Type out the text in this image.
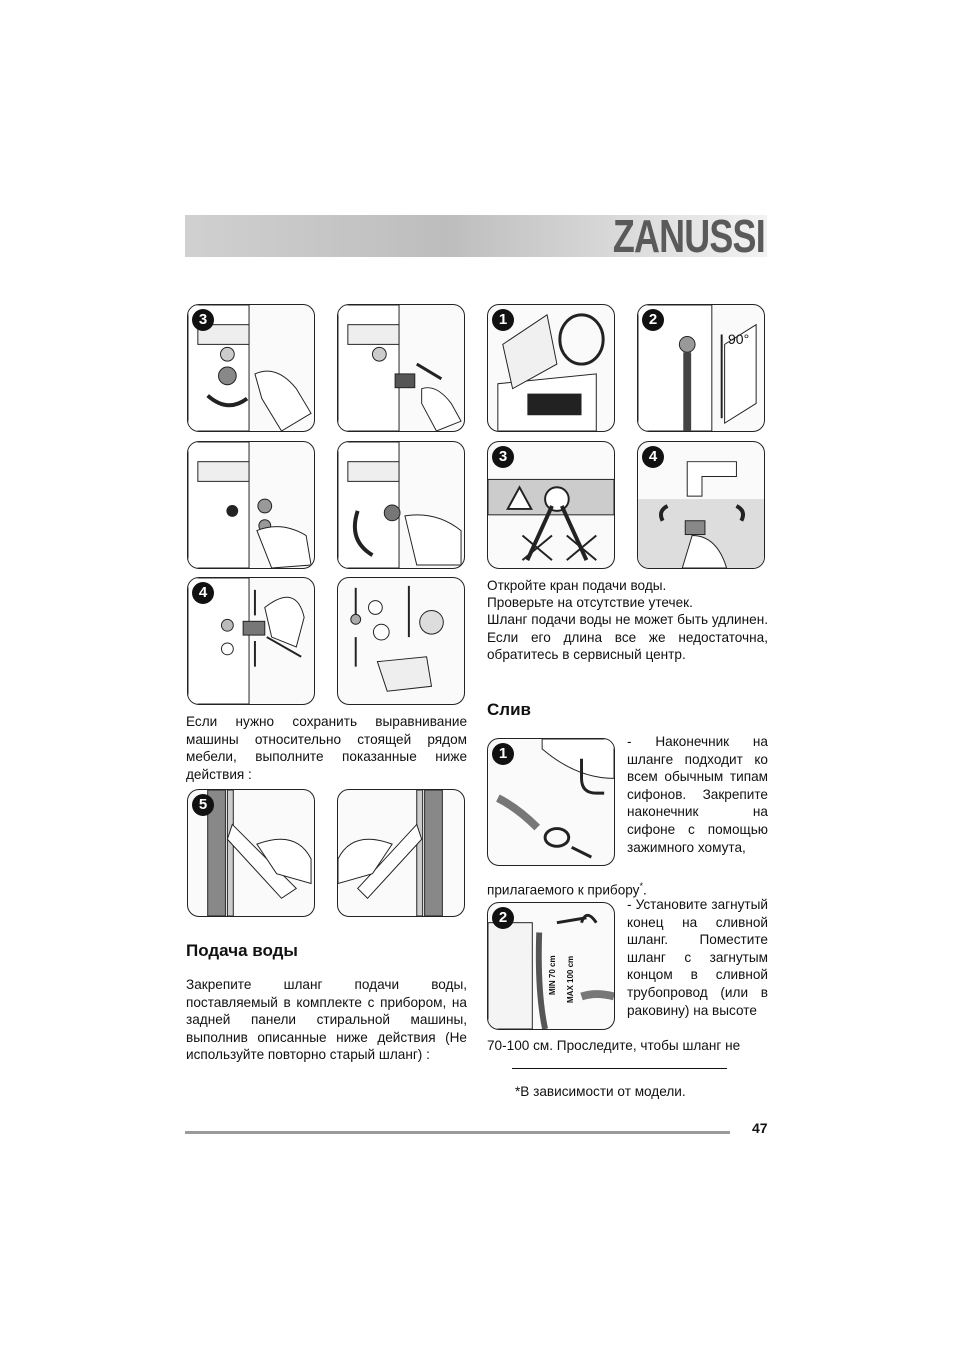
ZANUSSI
3
4
Если нужно сохранить выравнивание машины относительно стоящей рядом мебели, выполните показанные ниже действия :
5
Подача воды
Закрепите шланг подачи воды, поставляемый в комплекте с прибором, на задней панели стиральной машины, выполнив описанные ниже действия (Не используйте повторно старый шланг) :
1	2
90°
3	4
Откройте кран подачи воды.
Проверьте на отсутствие утечек.
Шланг подачи воды не может быть удлинен. Если его длина все же недостаточна, обратитесь в сервисный центр.
Слив
1
- Наконечник на шланге подходит ко всем обычным типам сифонов. Закрепите наконечник на сифоне с помощью зажимного хомута,
прилагаемого к прибору*.
2
MIN 70 cm MAX 100 cm
- Установите загнутый конец на сливной шланг. Поместите шланг с загнутым концом в сливной трубопровод (или в раковину) на высоте
70-100 см. Проследите, чтобы шланг не
*В зависимости от модели.
47
